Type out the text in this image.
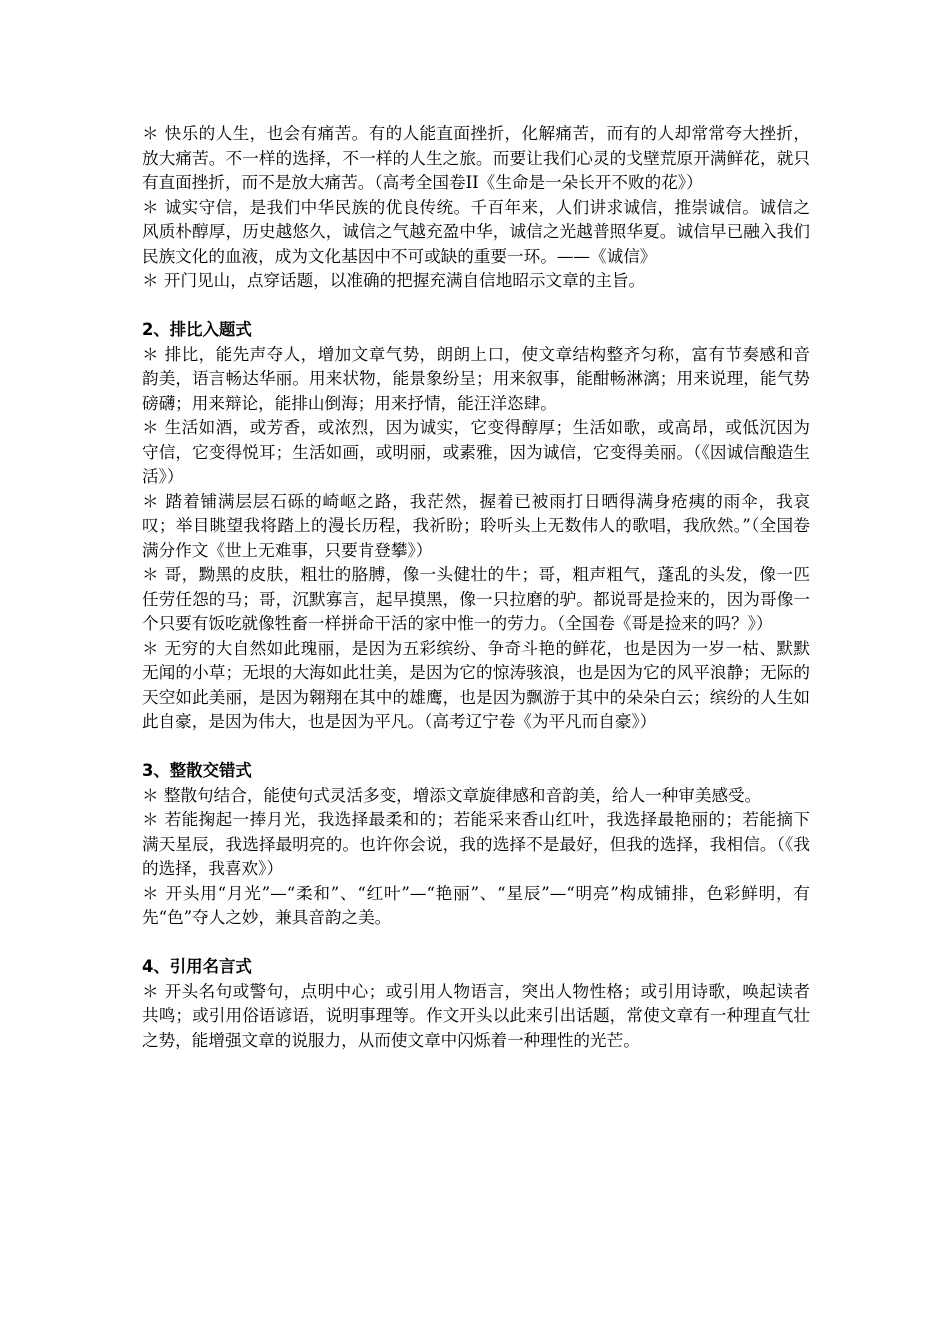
＊ 快乐的人生，也会有痛苦。有的人能直面挫折，化解痛苦，而有的人却常常夸大挫折，放大痛苦。不一样的选择，不一样的人生之旅。而要让我们心灵的戈壁荒原开满鲜花，就只有直面挫折，而不是放大痛苦。（高考全国卷II《生命是一朵长开不败的花》）

＊ 诚实守信，是我们中华民族的优良传统。千百年来，人们讲求诚信，推崇诚信。诚信之风质朴醇厚，历史越悠久，诚信之气越充盈中华，诚信之光越普照华夏。诚信早已融入我们民族文化的血液，成为文化基因中不可或缺的重要一环。——《诚信》

＊ 开门见山，点穿话题，以准确的把握充满自信地昭示文章的主旨。

2、排比入题式

＊ 排比，能先声夺人，增加文章气势，朗朗上口，使文章结构整齐匀称，富有节奏感和音韵美，语言畅达华丽。用来状物，能景象纷呈；用来叙事，能酣畅淋漓；用来说理，能气势磅礴；用来辩论，能排山倒海；用来抒情，能汪洋恣肆。

＊ 生活如酒，或芳香，或浓烈，因为诚实，它变得醇厚；生活如歌，或高昂，或低沉因为守信，它变得悦耳；生活如画，或明丽，或素雅，因为诚信，它变得美丽。（《因诚信酿造生活》）

＊ 踏着铺满层层石砾的崎岖之路，我茫然，握着已被雨打日晒得满身疮痍的雨伞，我哀叹；举目眺望我将踏上的漫长历程，我祈盼；聆听头上无数伟人的歌唱，我欣然。”（全国卷满分作文《世上无难事，只要肯登攀》）

＊ 哥，黝黑的皮肤，粗壮的胳膊，像一头健壮的牛；哥，粗声粗气，蓬乱的头发，像一匹任劳任怨的马；哥，沉默寡言，起早摸黑，像一只拉磨的驴。都说哥是捡来的，因为哥像一个只要有饭吃就像牲畜一样拼命干活的家中惟一的劳力。（全国卷《哥是捡来的吗？》）

＊ 无穷的大自然如此瑰丽，是因为五彩缤纷、争奇斗艳的鲜花，也是因为一岁一枯、默默无闻的小草；无垠的大海如此壮美，是因为它的惊涛骇浪，也是因为它的风平浪静；无际的天空如此美丽，是因为翱翔在其中的雄鹰，也是因为飘游于其中的朵朵白云；缤纷的人生如此自豪，是因为伟大，也是因为平凡。（高考辽宁卷《为平凡而自豪》）

3、整散交错式

＊ 整散句结合，能使句式灵活多变，增添文章旋律感和音韵美，给人一种审美感受。

＊ 若能掬起一捧月光，我选择最柔和的；若能采来香山红叶，我选择最艳丽的；若能摘下满天星辰，我选择最明亮的。也许你会说，我的选择不是最好，但我的选择，我相信。（《我的选择，我喜欢》）

＊ 开头用“月光”—“柔和”、“红叶”—“艳丽”、“星辰”—“明亮”构成铺排，色彩鲜明，有先“色”夺人之妙，兼具音韵之美。

4、引用名言式

＊ 开头名句或警句，点明中心；或引用人物语言，突出人物性格；或引用诗歌，唤起读者共鸣；或引用俗语谚语，说明事理等。作文开头以此来引出话题，常使文章有一种理直气壮之势，能增强文章的说服力，从而使文章中闪烁着一种理性的光芒。
